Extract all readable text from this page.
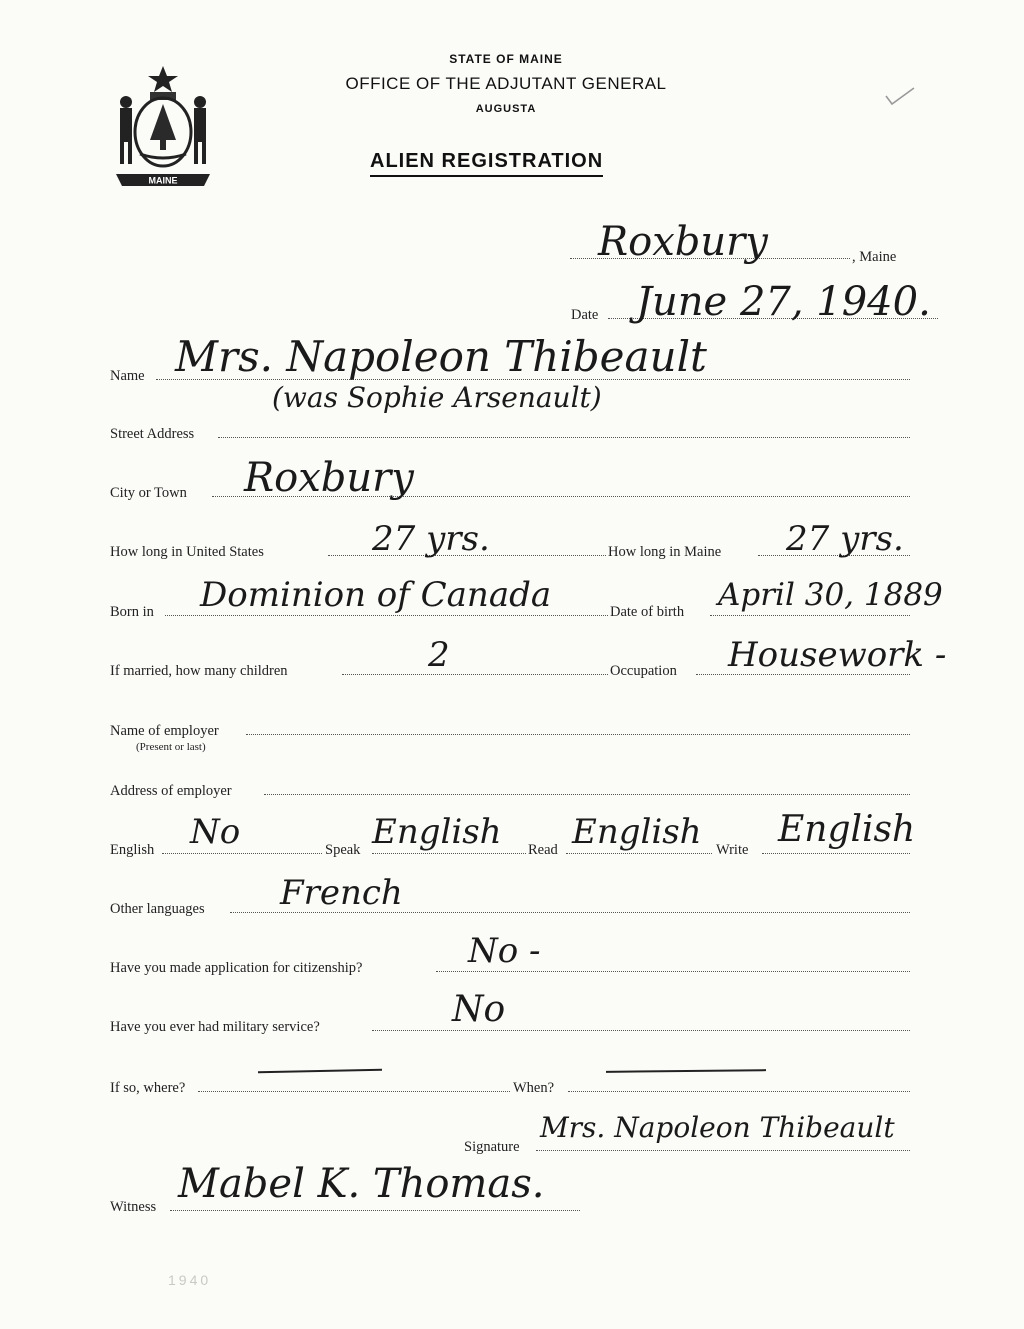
MAINE
STATE OF MAINE
OFFICE OF THE ADJUTANT GENERAL
AUGUSTA
ALIEN REGISTRATION
, Maine
Roxbury
Date June 27, 1940.
Name Mrs. Napoleon Thibeault
(was Sophie Arsenault)
Street Address
City or Town Roxbury
How long in United States	27 yrs.	How long in Maine 27 yrs.
Born in Dominion of Canada	Date of birth April 30, 1889
If married, how many children	2	Occupation Housework -
Name of employer
(Present or last)
Address of employer
English No	Speak English Read English Write English
Other languages French
Have you made application for citizenship?	No -
Have you ever had military service?	No
If so, where?	When?
Signature
Mrs. Napoleon Thibeault
Witness Mabel K. Thomas.
1940
